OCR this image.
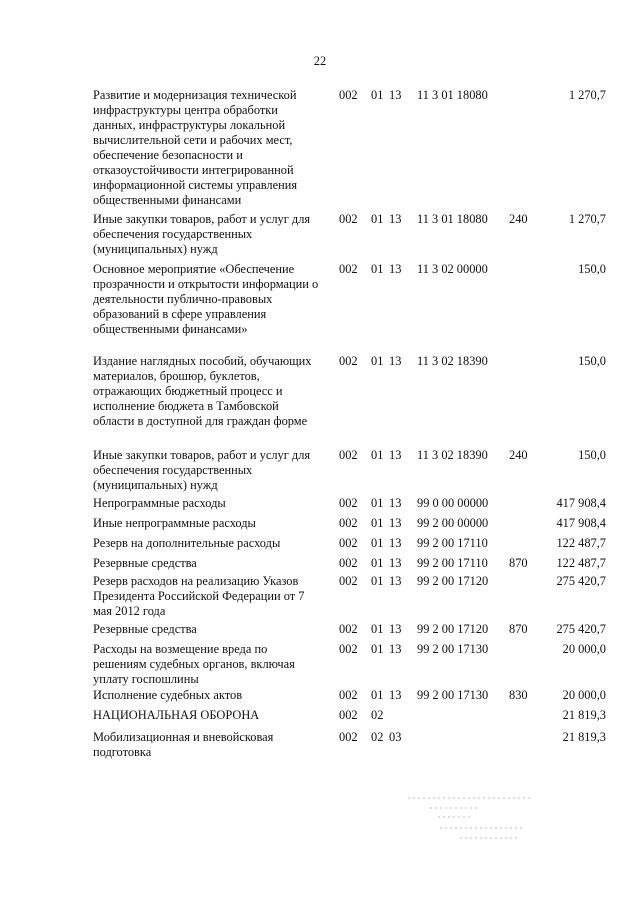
22
Развитие и модернизация технической инфраструктуры центра обработки данных, инфраструктуры локальной вычислительной сети и рабочих мест, обеспечение безопасности и отказоустойчивости интегрированной информационной системы управления общественными финансами
002 01 13 11 3 01 18080	1 270,7
Иные закупки товаров, работ и услуг для обеспечения государственных (муниципальных) нужд
002 01 13 11 3 01 18080 240	1 270,7
Основное мероприятие «Обеспечение прозрачности и открытости информации о деятельности публично-правовых образований в сфере управления общественными финансами»
002 01 13 11 3 02 00000	150,0
Издание наглядных пособий, обучающих материалов, брошюр, буклетов, отражающих бюджетный процесс и исполнение бюджета в Тамбовской области в доступной для граждан форме
002 01 13 11 3 02 18390	150,0
Иные закупки товаров, работ и услуг для обеспечения государственных (муниципальных) нужд
002 01 13 11 3 02 18390 240	150,0
Непрограммные расходы	002 01 13 99 0 00 00000	417 908,4
Иные непрограммные расходы	002 01 13 99 2 00 00000	417 908,4
Резерв на дополнительные расходы	002 01 13 99 2 00 17110	122 487,7
Резервные средства	002 01 13 99 2 00 17110 870	122 487,7
Резерв расходов на реализацию Указов Президента Российской Федерации от 7 мая 2012 года
002 01 13 99 2 00 17120	275 420,7
Резервные средства	002 01 13 99 2 00 17120 870	275 420,7
Расходы на возмещение вреда по решениям судебных органов, включая уплату госпошлины
002 01 13 99 2 00 17130	20 000,0
Исполнение судебных актов	002 01 13 99 2 00 17130 830	20 000,0
НАЦИОНАЛЬНАЯ ОБОРОНА	002 02	21 819,3
Мобилизационная и вневойсковая подготовка
002 02 03	21 819,3
